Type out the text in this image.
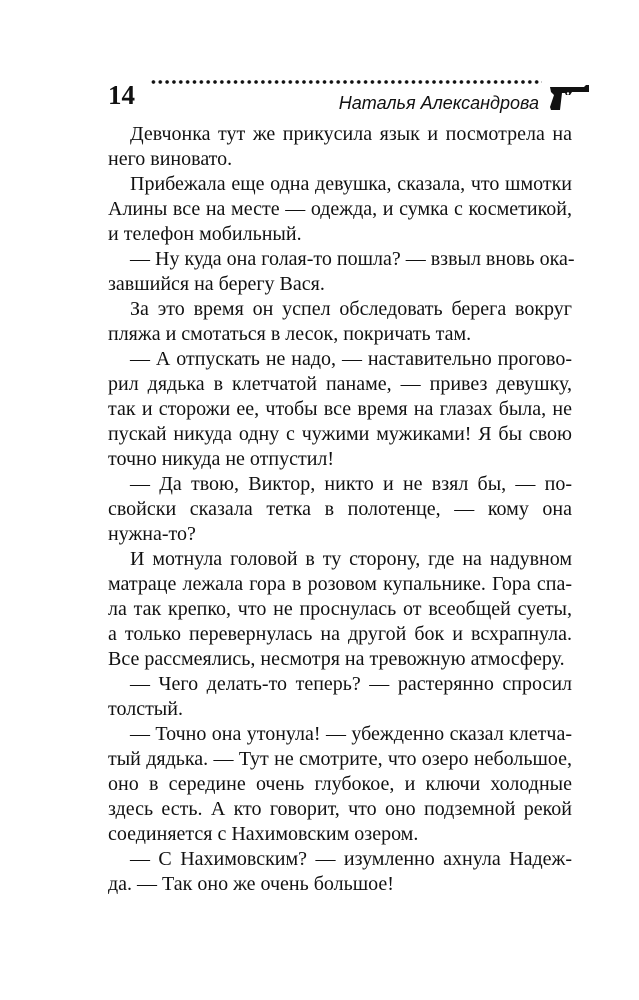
14	Наталья Александрова
Девчонка тут же прикусила язык и посмотрела на
него виновато.
Прибежала еще одна девушка, сказала, что шмотки
Алины все на месте — одежда, и сумка с косметикой,
и телефон мобильный.
— Ну куда она голая-то пошла? — взвыл вновь ока-
завшийся на берегу Вася.
За это время он успел обследовать берега вокруг
пляжа и смотаться в лесок, покричать там.
— А отпускать не надо, — наставительно прогово-
рил дядька в клетчатой панаме, — привез девушку,
так и сторожи ее, чтобы все время на глазах была, не
пускай никуда одну с чужими мужиками! Я бы свою
точно никуда не отпустил!
— Да твою, Виктор, никто и не взял бы, — по-
свойски сказала тетка в полотенце, — кому она
нужна-то?
И мотнула головой в ту сторону, где на надувном
матраце лежала гора в розовом купальнике. Гора спа-
ла так крепко, что не проснулась от всеобщей суеты,
а только перевернулась на другой бок и всхрапнула.
Все рассмеялись, несмотря на тревожную атмосферу.
— Чего делать-то теперь? — растерянно спросил
толстый.
— Точно она утонула! — убежденно сказал клетча-
тый дядька. — Тут не смотрите, что озеро небольшое,
оно в середине очень глубокое, и ключи холодные
здесь есть. А кто говорит, что оно подземной рекой
соединяется с Нахимовским озером.
— С Нахимовским? — изумленно ахнула Надеж-
да. — Так оно же очень большое!
